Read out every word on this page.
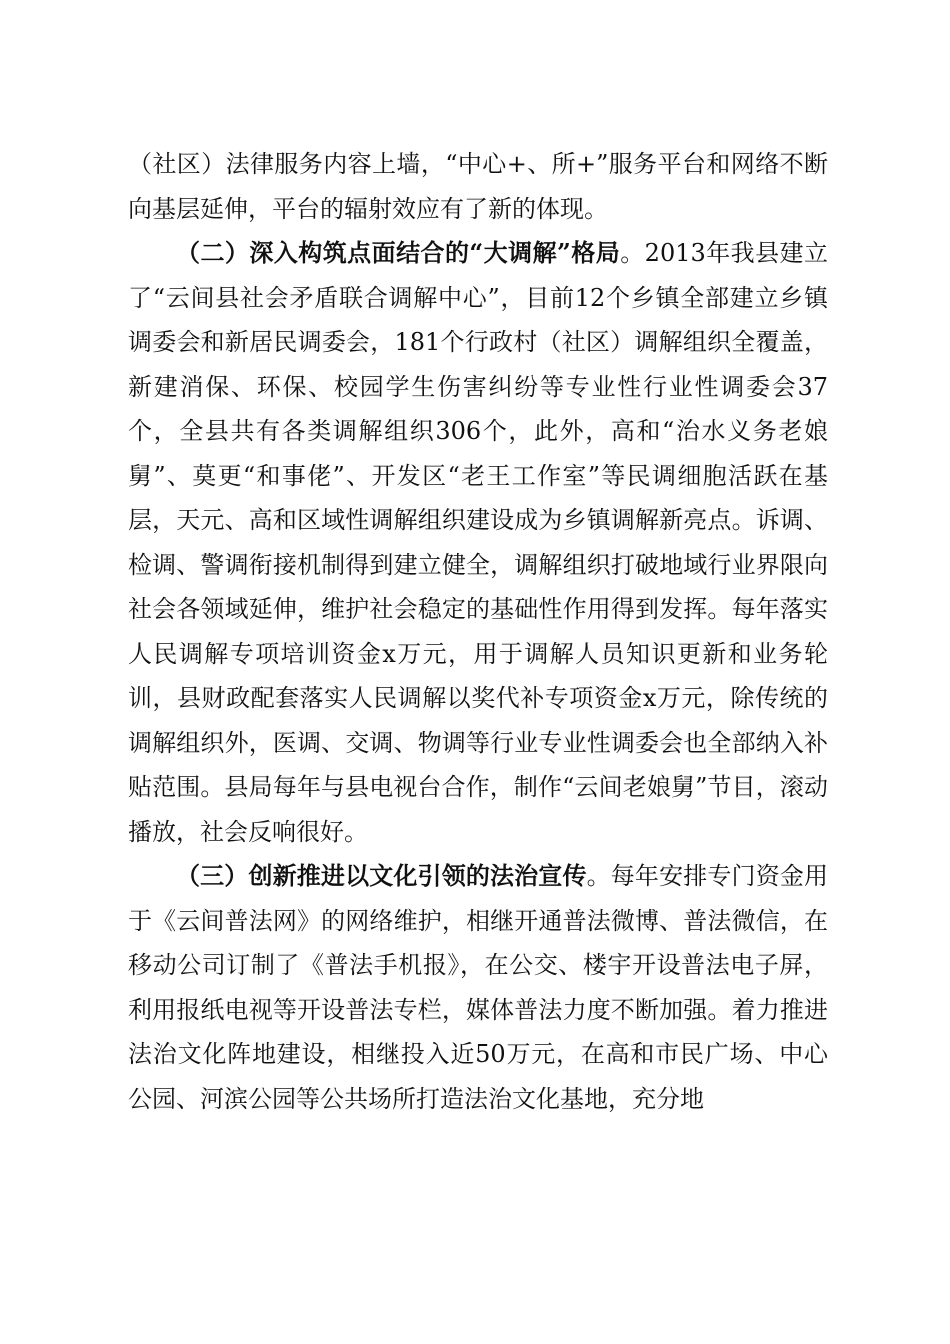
（社区）法律服务内容上墙，“中心+、所+”服务平台和网络不断向基层延伸，平台的辐射效应有了新的体现。

（二）深入构筑点面结合的“大调解”格局。2013年我县建立了“云间县社会矛盾联合调解中心”，目前12个乡镇全部建立乡镇调委会和新居民调委会，181个行政村（社区）调解组织全覆盖，新建消保、环保、校园学生伤害纠纷等专业性行业性调委会37个，全县共有各类调解组织306个，此外，高和“治水义务老娘舅”、莫更“和事佬”、开发区“老王工作室”等民调细胞活跃在基层，天元、高和区域性调解组织建设成为乡镇调解新亮点。诉调、检调、警调衔接机制得到建立健全，调解组织打破地域行业界限向社会各领域延伸，维护社会稳定的基础性作用得到发挥。每年落实人民调解专项培训资金x万元，用于调解人员知识更新和业务轮训，县财政配套落实人民调解以奖代补专项资金x万元，除传统的调解组织外，医调、交调、物调等行业专业性调委会也全部纳入补贴范围。县局每年与县电视台合作，制作“云间老娘舅”节目，滚动播放，社会反响很好。

（三）创新推进以文化引领的法治宣传。每年安排专门资金用于《云间普法网》的网络维护，相继开通普法微博、普法微信，在移动公司订制了《普法手机报》，在公交、楼宇开设普法电子屏，利用报纸电视等开设普法专栏，媒体普法力度不断加强。着力推进法治文化阵地建设，相继投入近50万元，在高和市民广场、中心公园、河滨公园等公共场所打造法治文化基地，充分地
